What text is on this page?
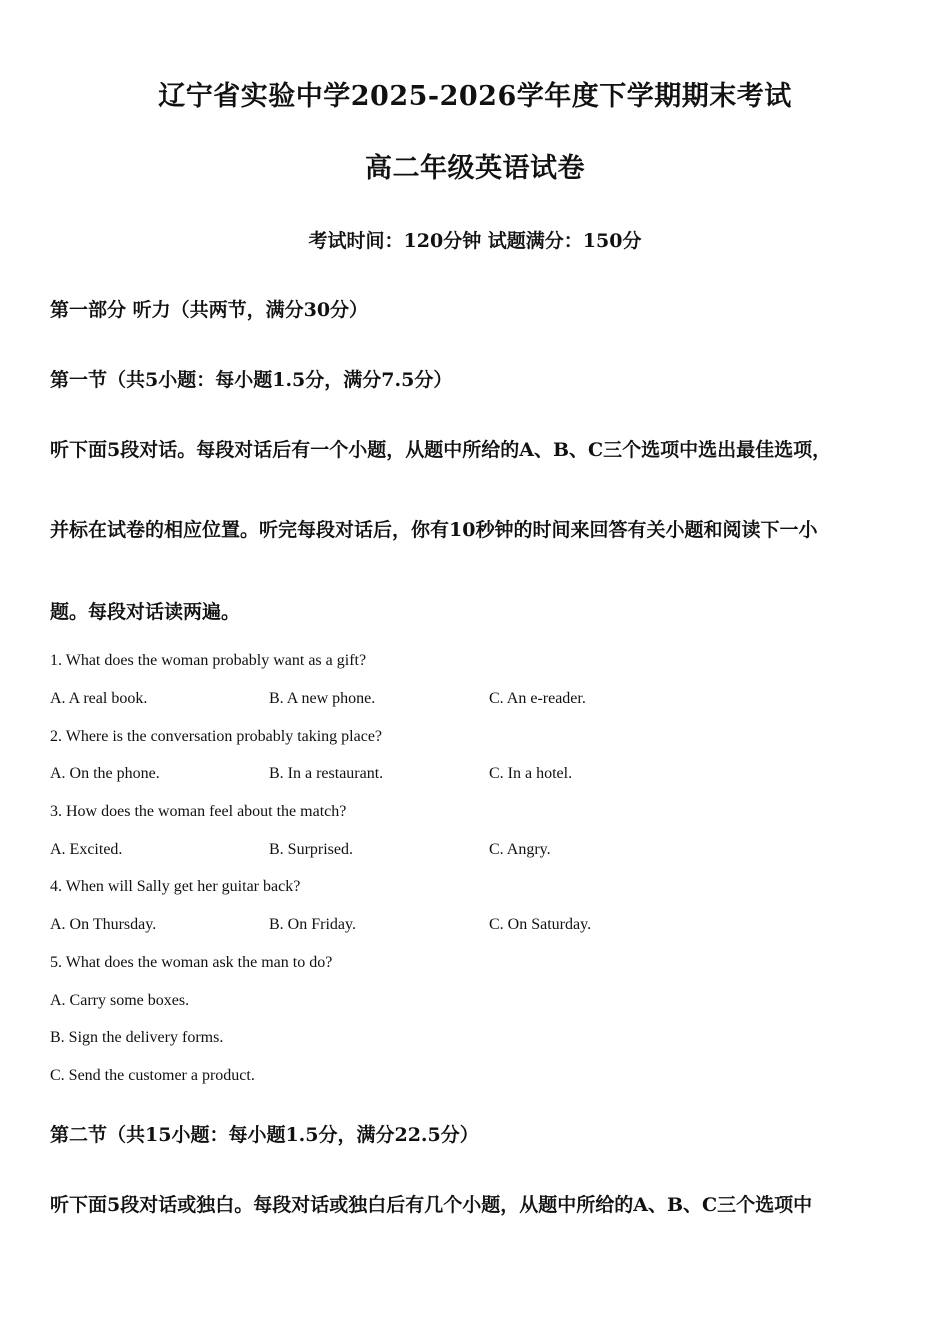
辽宁省实验中学2025-2026学年度下学期期末考试
高二年级英语试卷
考试时间：120分钟 试题满分：150分
第一部分 听力（共两节，满分30分）
第一节（共5小题：每小题1.5分，满分7.5分）
听下面5段对话。每段对话后有一个小题，从题中所给的A、B、C三个选项中选出最佳选项，
并标在试卷的相应位置。听完每段对话后，你有10秒钟的时间来回答有关小题和阅读下一小
题。每段对话读两遍。
1. What does the woman probably want as a gift?
A. A real book.	B. A new phone.	C. An e-reader.
2. Where is the conversation probably taking place?
A. On the phone.	B. In a restaurant.	C. In a hotel.
3. How does the woman feel about the match?
A. Excited.	B. Surprised.	C. Angry.
4. When will Sally get her guitar back?
A. On Thursday.	B. On Friday.	C. On Saturday.
5. What does the woman ask the man to do?
A. Carry some boxes.
B. Sign the delivery forms.
C. Send the customer a product.
第二节（共15小题：每小题1.5分，满分22.5分）
听下面5段对话或独白。每段对话或独白后有几个小题，从题中所给的A、B、C三个选项中
